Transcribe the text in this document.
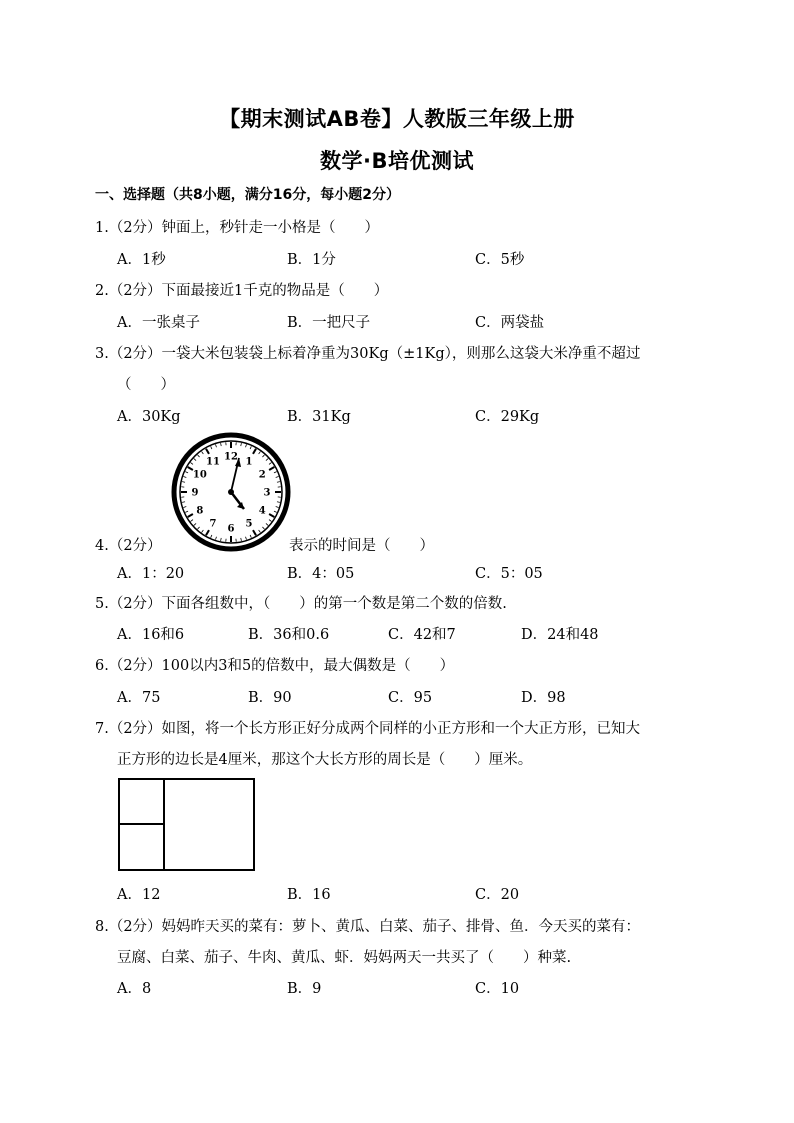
【期末测试AB卷】人教版三年级上册
数学·B培优测试
一、选择题（共8小题，满分16分，每小题2分）
1.（2分）钟面上，秒针走一小格是（　　）
A．1秒	B．1分	C．5秒
2.（2分）下面最接近1千克的物品是（　　）
A．一张桌子	B．一把尺子	C．两袋盐
3.（2分）一袋大米包装袋上标着净重为30Kg（±1Kg），则那么这袋大米净重不超过
（　　）
A．30Kg	B．31Kg	C．29Kg
12 1
2
3
4
5
6
7
8
9
10
11
4.（2分）	表示的时间是（　　）
A．1：20	B．4：05	C．5：05
5.（2分）下面各组数中，（　　）的第一个数是第二个数的倍数.
A．16和6	B．36和0.6	C．42和7	D．24和48
6.（2分）100以内3和5的倍数中，最大偶数是（　　）
A．75	B．90	C．95	D．98
7.（2分）如图，将一个长方形正好分成两个同样的小正方形和一个大正方形，已知大
正方形的边长是4厘米，那这个大长方形的周长是（　　）厘米。
A．12	B．16	C．20
8.（2分）妈妈昨天买的菜有：萝卜、黄瓜、白菜、茄子、排骨、鱼．今天买的菜有：
豆腐、白菜、茄子、牛肉、黄瓜、虾．妈妈两天一共买了（　　）种菜.
A．8	B．9	C．10
